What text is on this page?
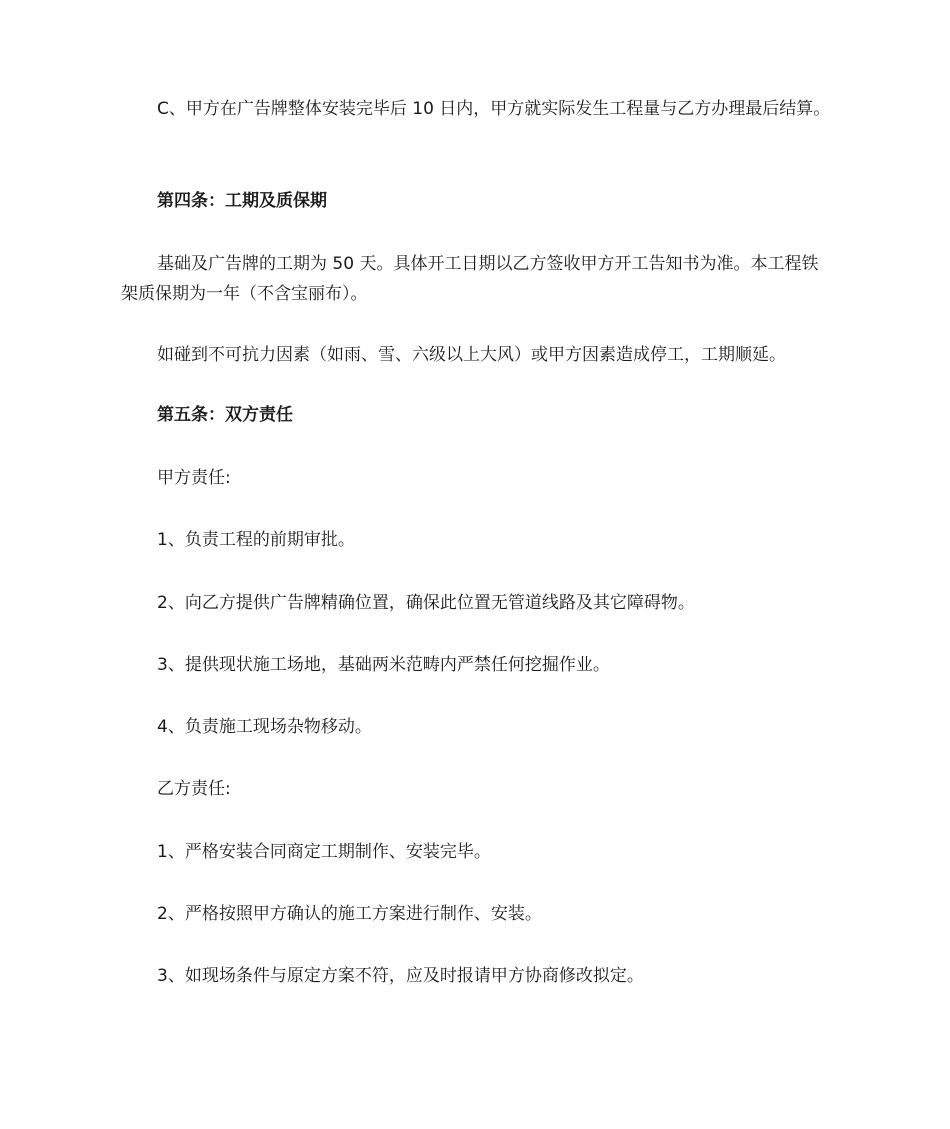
C、甲方在广告牌整体安装完毕后 10 日内，甲方就实际发生工程量与乙方办理最后结算。

第四条：工期及质保期

基础及广告牌的工期为 50 天。具体开工日期以乙方签收甲方开工告知书为准。本工程铁架质保期为一年（不含宝丽布）。

如碰到不可抗力因素（如雨、雪、六级以上大风）或甲方因素造成停工，工期顺延。

第五条：双方责任

甲方责任:

1、负责工程的前期审批。

2、向乙方提供广告牌精确位置，确保此位置无管道线路及其它障碍物。

3、提供现状施工场地，基础两米范畴内严禁任何挖掘作业。

4、负责施工现场杂物移动。

乙方责任:

1、严格安装合同商定工期制作、安装完毕。

2、严格按照甲方确认的施工方案进行制作、安装。

3、如现场条件与原定方案不符，应及时报请甲方协商修改拟定。
